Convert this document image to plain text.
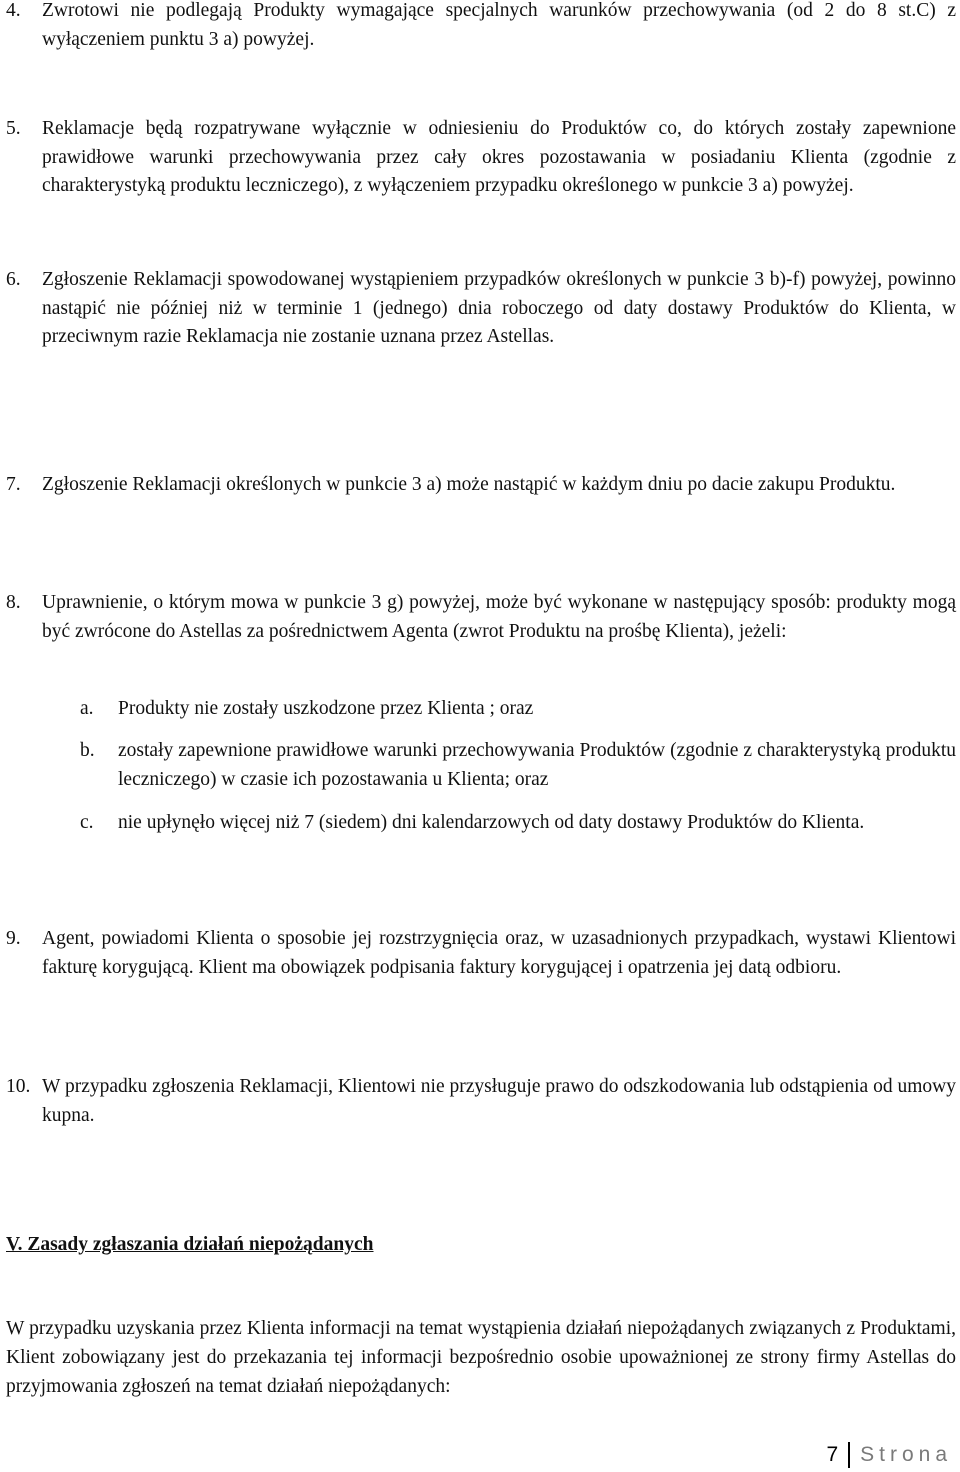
4. Zwrotowi nie podlegają Produkty wymagające specjalnych warunków przechowywania (od 2 do 8 st.C) z wyłączeniem punktu 3 a) powyżej.
5. Reklamacje będą rozpatrywane wyłącznie w odniesieniu do Produktów co, do których zostały zapewnione prawidłowe warunki przechowywania przez cały okres pozostawania w posiadaniu Klienta (zgodnie z charakterystyką produktu leczniczego), z wyłączeniem przypadku określonego w punkcie 3 a) powyżej.
6. Zgłoszenie Reklamacji spowodowanej wystąpieniem przypadków określonych w punkcie 3 b)-f) powyżej, powinno nastąpić nie później niż w terminie 1 (jednego) dnia roboczego od daty dostawy Produktów do Klienta, w przeciwnym razie Reklamacja nie zostanie uznana przez Astellas.
7. Zgłoszenie Reklamacji określonych w punkcie 3 a) może nastąpić w każdym dniu po dacie zakupu Produktu.
8. Uprawnienie, o którym mowa w punkcie 3 g) powyżej, może być wykonane w następujący sposób: produkty mogą być zwrócone do Astellas za pośrednictwem Agenta (zwrot Produktu na prośbę Klienta), jeżeli:
a. Produkty nie zostały uszkodzone przez Klienta ; oraz
b. zostały zapewnione prawidłowe warunki przechowywania Produktów (zgodnie z charakterystyką produktu leczniczego) w czasie ich pozostawania u Klienta; oraz
c. nie upłynęło więcej niż 7 (siedem) dni kalendarzowych od daty dostawy Produktów do Klienta.
9. Agent, powiadomi Klienta o sposobie jej rozstrzygnięcia oraz, w uzasadnionych przypadkach, wystawi Klientowi fakturę korygującą. Klient ma obowiązek podpisania faktury korygującej i opatrzenia jej datą odbioru.
10. W przypadku zgłoszenia Reklamacji, Klientowi nie przysługuje prawo do odszkodowania lub odstąpienia od umowy kupna.
V. Zasady zgłaszania działań niepożądanych
W przypadku uzyskania przez Klienta informacji na temat wystąpienia działań niepożądanych związanych z Produktami, Klient zobowiązany jest do przekazania tej informacji bezpośrednio osobie upoważnionej ze strony firmy Astellas do przyjmowania zgłoszeń na temat działań niepożądanych:
7 Strona
